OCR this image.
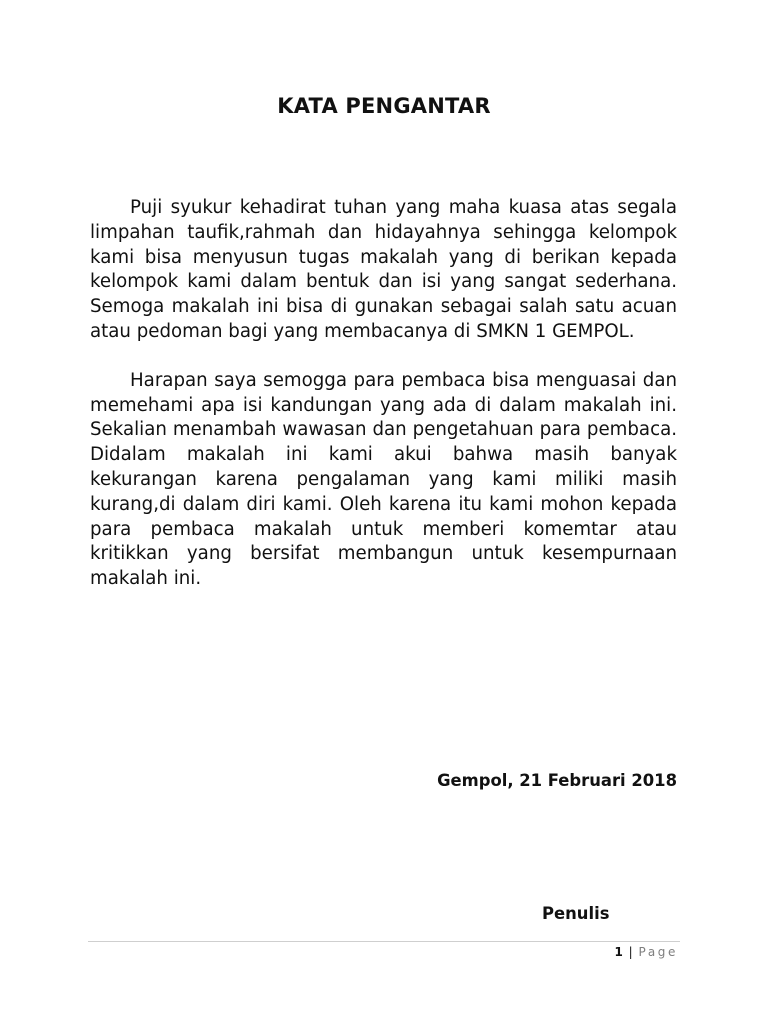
KATA PENGANTAR

Puji syukur kehadirat tuhan yang maha kuasa atas segala limpahan taufik,rahmah dan hidayahnya sehingga kelompok kami bisa menyusun tugas makalah yang di berikan kepada kelompok kami dalam bentuk dan isi yang sangat sederhana. Semoga makalah ini bisa di gunakan sebagai salah satu acuan atau pedoman bagi yang membacanya di SMKN 1 GEMPOL.

Harapan saya semogga para pembaca bisa menguasai dan memehami apa isi kandungan yang ada di dalam makalah ini. Sekalian menambah wawasan dan pengetahuan para pembaca. Didalam makalah ini kami akui bahwa masih banyak kekurangan karena pengalaman yang kami miliki masih kurang,di dalam diri kami. Oleh karena itu kami mohon kepada para pembaca makalah untuk memberi komemtar atau kritikkan yang bersifat membangun untuk kesempurnaan makalah ini.

Gempol, 21 Februari 2018

Penulis

1 | Page
